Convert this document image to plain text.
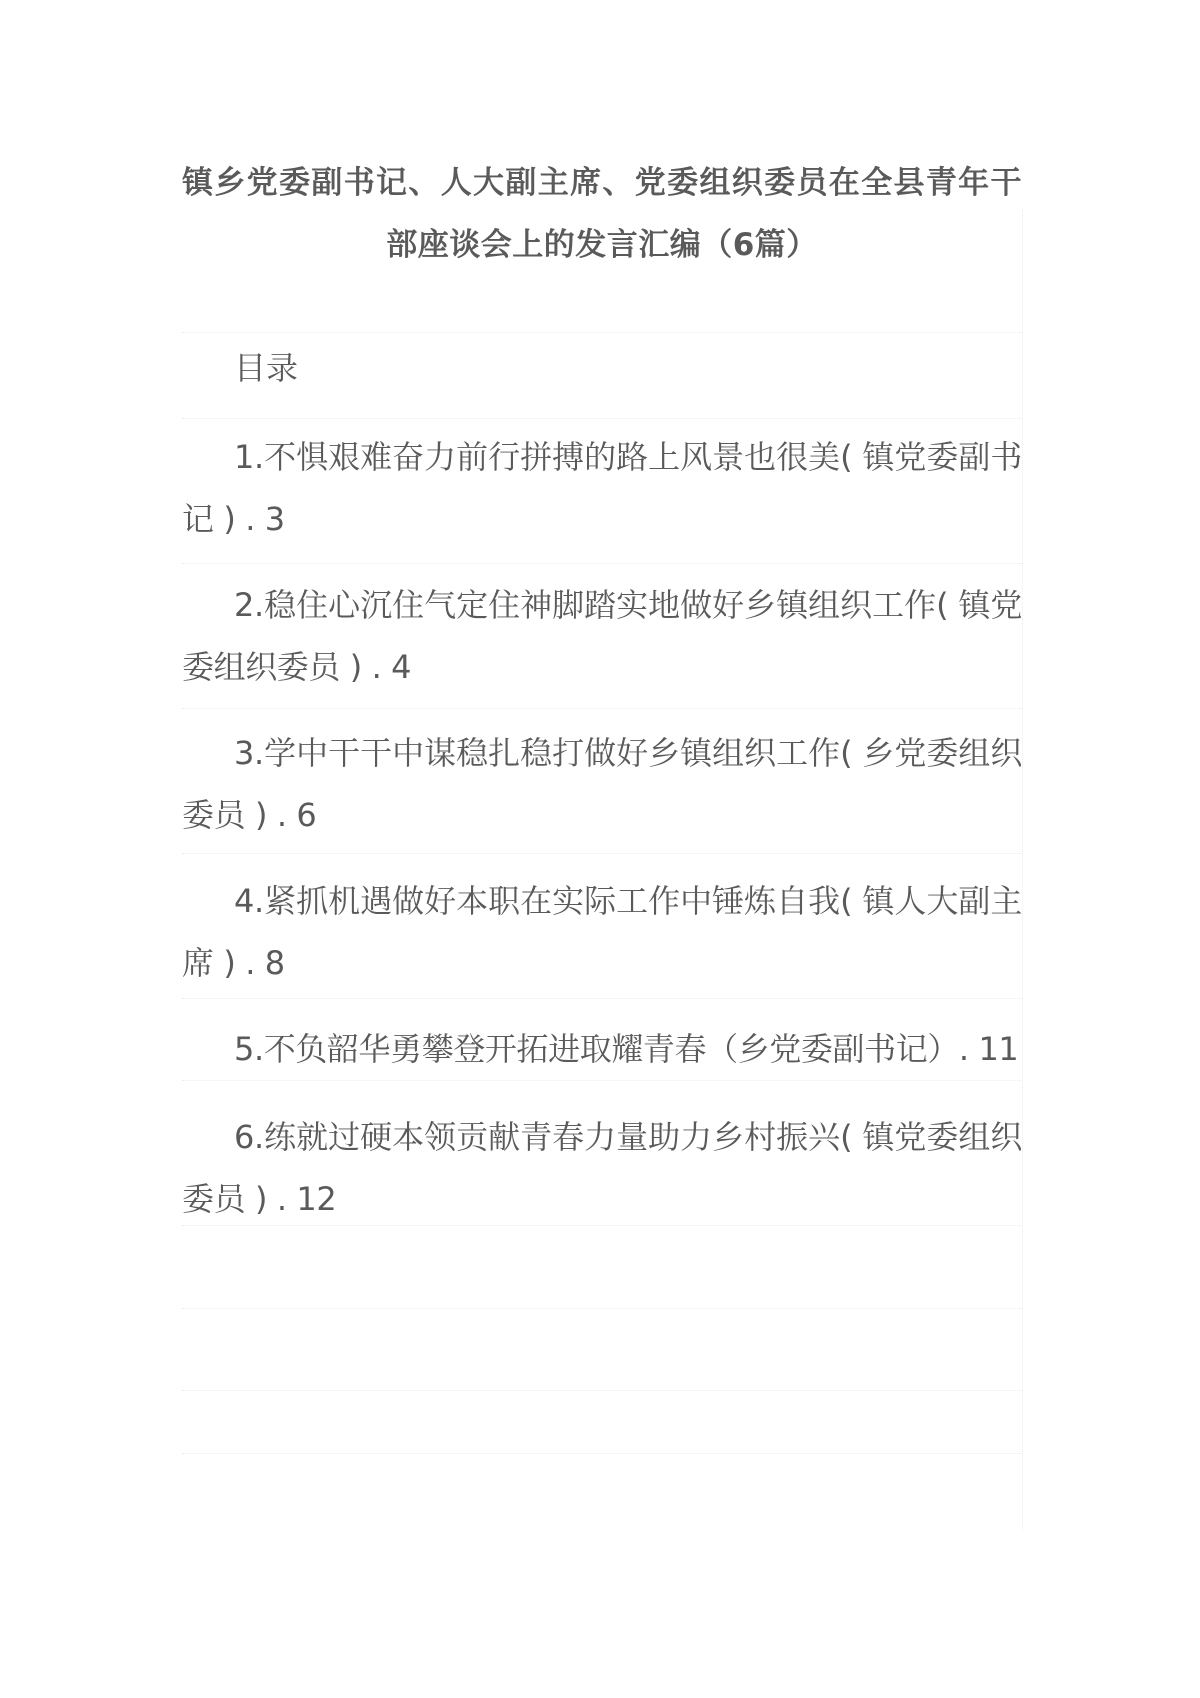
镇乡党委副书记、人大副主席、党委组织委员在全县青年干部座谈会上的发言汇编（6篇）
目录

1.不惧艰难奋力前行拼搏的路上风景也很美( 镇党委副书记 ) . 3

2.稳住心沉住气定住神脚踏实地做好乡镇组织工作( 镇党委组织委员 ) . 4

3.学中干干中谋稳扎稳打做好乡镇组织工作( 乡党委组织委员 ) . 6

4.紧抓机遇做好本职在实际工作中锤炼自我( 镇人大副主席 ) . 8

5.不负韶华勇攀登开拓进取耀青春（乡党委副书记）. 11

6.练就过硬本领贡献青春力量助力乡村振兴( 镇党委组织委员 ) . 12
